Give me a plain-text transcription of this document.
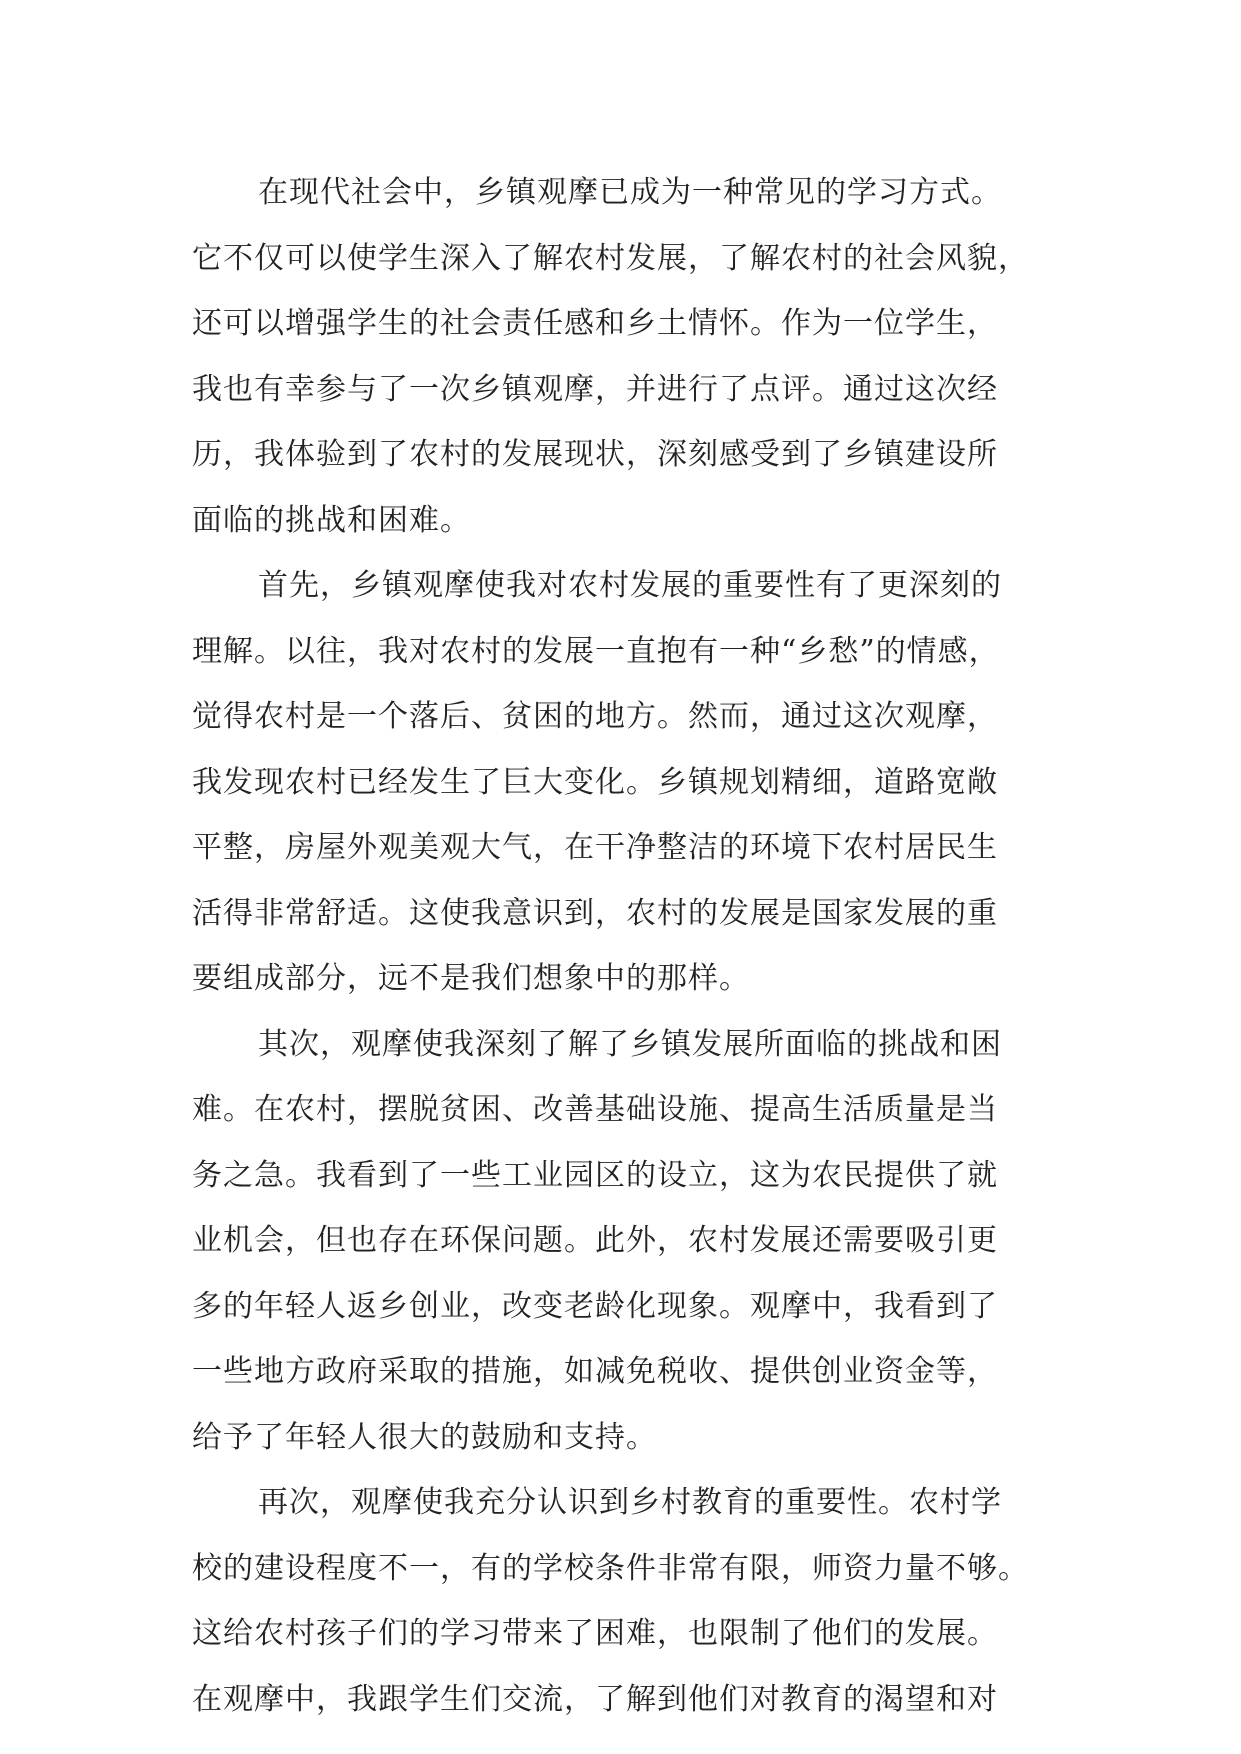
在现代社会中，乡镇观摩已成为一种常见的学习方式。
它不仅可以使学生深入了解农村发展，了解农村的社会风貌，
还可以增强学生的社会责任感和乡土情怀。作为一位学生，
我也有幸参与了一次乡镇观摩，并进行了点评。通过这次经
历，我体验到了农村的发展现状，深刻感受到了乡镇建设所
面临的挑战和困难。
首先，乡镇观摩使我对农村发展的重要性有了更深刻的
理解。以往，我对农村的发展一直抱有一种“乡愁”的情感，
觉得农村是一个落后、贫困的地方。然而，通过这次观摩，
我发现农村已经发生了巨大变化。乡镇规划精细，道路宽敞
平整，房屋外观美观大气，在干净整洁的环境下农村居民生
活得非常舒适。这使我意识到，农村的发展是国家发展的重
要组成部分，远不是我们想象中的那样。
其次，观摩使我深刻了解了乡镇发展所面临的挑战和困
难。在农村，摆脱贫困、改善基础设施、提高生活质量是当
务之急。我看到了一些工业园区的设立，这为农民提供了就
业机会，但也存在环保问题。此外，农村发展还需要吸引更
多的年轻人返乡创业，改变老龄化现象。观摩中，我看到了
一些地方政府采取的措施，如减免税收、提供创业资金等，
给予了年轻人很大的鼓励和支持。
再次，观摩使我充分认识到乡村教育的重要性。农村学
校的建设程度不一，有的学校条件非常有限，师资力量不够。
这给农村孩子们的学习带来了困难，也限制了他们的发展。
在观摩中，我跟学生们交流，了解到他们对教育的渴望和对
